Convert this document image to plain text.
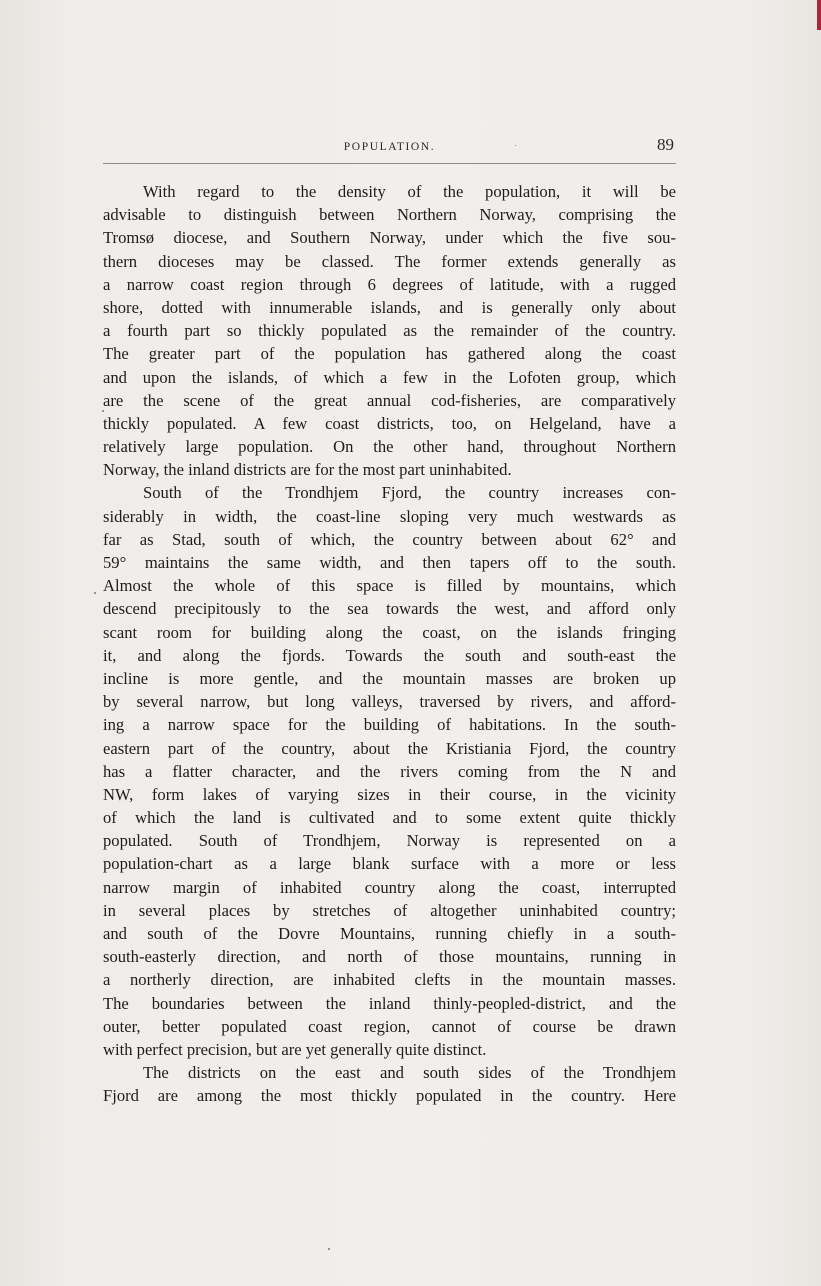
POPULATION.	89
With regard to the density of the population, it will be
advisable to distinguish between Northern Norway, comprising the
Tromsø diocese, and Southern Norway, under which the five sou-
thern dioceses may be classed. The former extends generally as
a narrow coast region through 6 degrees of latitude, with a rugged
shore, dotted with innumerable islands, and is generally only about
a fourth part so thickly populated as the remainder of the country.
The greater part of the population has gathered along the coast
and upon the islands, of which a few in the Lofoten group, which
are the scene of the great annual cod-fisheries, are comparatively
thickly populated. A few coast districts, too, on Helgeland, have a
relatively large population. On the other hand, throughout Northern
Norway, the inland districts are for the most part uninhabited.
South of the Trondhjem Fjord, the country increases con-
siderably in width, the coast-line sloping very much westwards as
far as Stad, south of which, the country between about 62° and
59° maintains the same width, and then tapers off to the south.
Almost the whole of this space is filled by mountains, which
descend precipitously to the sea towards the west, and afford only
scant room for building along the coast, on the islands fringing
it, and along the fjords. Towards the south and south-east the
incline is more gentle, and the mountain masses are broken up
by several narrow, but long valleys, traversed by rivers, and afford-
ing a narrow space for the building of habitations. In the south-
eastern part of the country, about the Kristiania Fjord, the country
has a flatter character, and the rivers coming from the N and
NW, form lakes of varying sizes in their course, in the vicinity
of which the land is cultivated and to some extent quite thickly
populated. South of Trondhjem, Norway is represented on a
population-chart as a large blank surface with a more or less
narrow margin of inhabited country along the coast, interrupted
in several places by stretches of altogether uninhabited country;
and south of the Dovre Mountains, running chiefly in a south-
south-easterly direction, and north of those mountains, running in
a northerly direction, are inhabited clefts in the mountain masses.
The boundaries between the inland thinly-peopled-district, and the
outer, better populated coast region, cannot of course be drawn
with perfect precision, but are yet generally quite distinct.
The districts on the east and south sides of the Trondhjem
Fjord are among the most thickly populated in the country. Here
